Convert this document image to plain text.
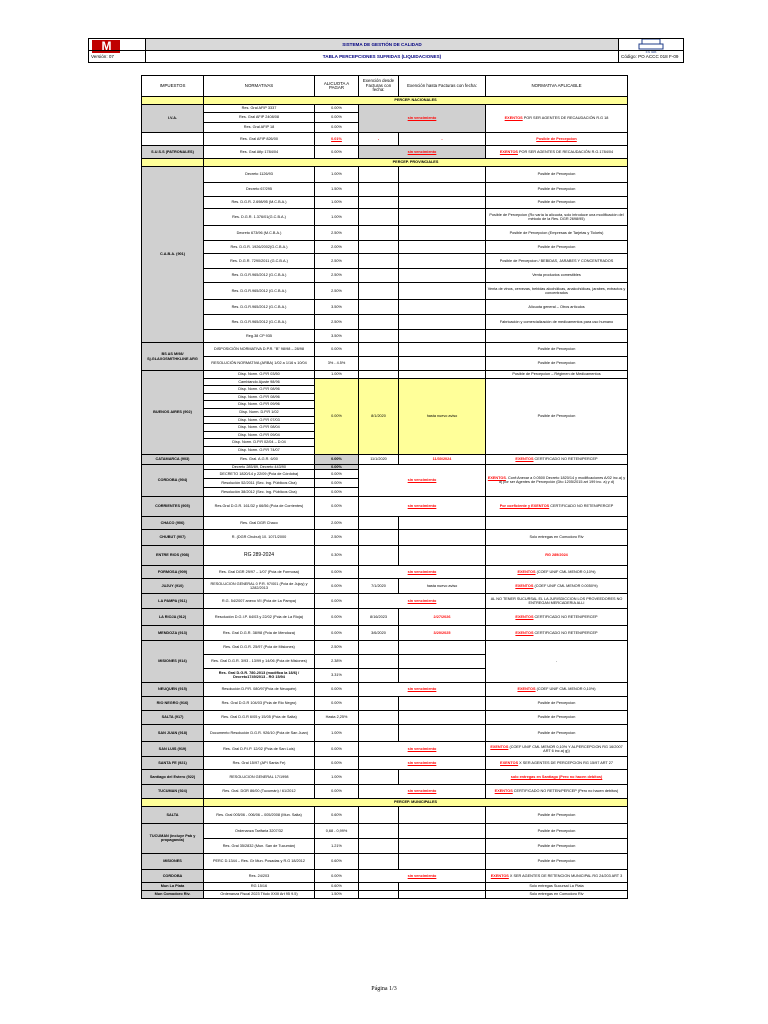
M	ESTAB
	SISTEMA DE GESTIÓN DE CALIDAD	
Versión: 07	TABLA PERCEPCIONES SUFRIDAS (LIQUIDACIONES)	Código: PO ACCC 018 F-09
IMPUESTOS	NORMATIVAS	ALICUOTA A PAGAR	Exención desde Facturas con fecha:	Exención hasta Facturas con fecha:	NORMATIVA APLICABLE
	PERCEP. NACIONALES				
I.V.A.	Res. Gral AFIP 3337	0.00%	sin vencimiento		EXENTOS POR SER AGENTES DE RECAUDACIÓN R.G 18
	Res. Gral AFIP 2408/08	0.00%			
	Res. Gral AFIP 18	0.00%			
	Res. Gral AFIP 826/00	0.01%	-	-	Posible de Percepcion
S.U.S.S (PATRONALES)	Res. Gral Afip 1784/04	0.00%	sin vencimiento		EXENTOS POR SER AGENTES DE RECAUDACIÓN R.G.1784/04
	PERCEP. PROVINCIALES				
C.A.B.A. (901)	Decreto 1126/93	1.00%			Posible de Percepcion
	Decreto 67/295	1.50%			Posible de Percepcion
	Res. D.G.R. 2.698/95 (M.C.B.A.)	1.00%			Posible de Percepcion
	Res. D.G.R. 1.376/01(G.C.B.A.)	1.00%			Posible de Percepcion (Ro varía la alícuota, solo introduce una modificación del método de la Res. DGR 2698/95)
	Decreto 673/96 (M.C.B.A.)	2.50%			Posible de Percepcion (Empresas de Tarjetas y Tickets)
	Res. D.G.R. 1926/2002(G.C.B.A.)	2.00%			Posible de Percepcion
	Res. D.G.R. 7290/2011 (G.C.B.A.)	2.50%			Posible de Percepcion / BEBIDAS, JARABES Y CONCENTRADOS
	Res. D.G.R.965/2012 (G.C.B.A.)	2.50%			Venta productos comestibles
	Res. D.G.R.965/2012 (G.C.B.A.)	2.50%			Venta de vinos, cervezas, bebidas alcohólicas, analcohólicas, jarabes, extractos y concentrados
	Res. D.G.R.965/2012 (G.C.B.A.)	3.50%			Alícuota general – Otros artículos
	Res. D.G.R.965/2012 (G.C.B.A.)	2.50%			Fabricación y comercialización de medicamentos para uso humano
	Reg.38 CP 935	3.50%			
BS AS M/98/ Sj.GLAXOSMITHKLINE ARG	DISPOSICIÓN NORMATIVA D.P.R. "B" 98/98 – 28/98	0.00%			Posible de Percepcion
	RESOLUCIÓN NORMATIVA (ARBA) 1/02 a 1/16 s 10/04	3% - 4.5%			Posible de Percepcion
BUENOS AIRES (902)	Disp. Norm. O.P.R 03/50	1.00%			Posible de Percepcion – Régimen de Medicamentos
	Cambiando Ajuste 98/96	0.00%	8/1/2020	hasta nuevo aviso	Posible de Percepcion
	Disp. Norm. O.P.R 08/96				
	Disp. Norm. O.P.R 08/96				
	Disp. Norm. O.P.R 09/96				
	Disp. Norm. D.P.R 1/02				
	Disp. Norm. O.P.R 07/03				
	Disp. Norm. O.P.R 08/04				
	Disp. Norm. O.P.R 09/04				
	Disp. Norm. D.P.R 02/04 – D.04				
	Disp. Norm. O.P.R 74/07				
CATAMARCA (903)	Res. Gral. A.G.R. 6/00	0.00%	11/1/2020	11/30/2024	EXENTOS CERTIFICADO NO RETENIPERCEP
CORDOBA (904)	Decreto 285/89, Decreto 443/90	0.00%	sin vencimiento		EXENTOS. Conf:Anexar a 0.0500 Decreto 1820/14 y modificaciones A/02 inc.a) y d) por ser Agentes de Percepción (Dto 1205/2015 art 199 inc. a) y d)
	DECRETO 1820/14 y 22/09 (Pcia de Córdoba)	0.00%			
	Resolución 52/2011 (Sec. Ing. Públicos Cba)	0.00%			
	Resolución 38/2012 (Sec. Ing. Públicos Cba)	0.00%			
CORRIENTES (905)	Res.Gral D.G.R. 161/32 y 66/56 (Pcia de Corrientes)	0.00%	sin vencimiento		Por coeficiente y EXENTOS CERTIFICADO NO RETENIPERCEP
CHACO (906)	Res. Gral DGR Chaco	2.00%			
CHUBUT (907)	R. (DGR Chubut) 10. 1071/2000	2.50%			Solo entregas en Comodoro Riv
ENTRE RIOS (908)	RG 289-2024	0.30%			RG 289/2024
FORMOSA (909)	Res. Gral DGR 29/97 – 1/07 (Pcia de Formosa)	0.00%	sin vencimiento		EXENTOS (COEF UNIF CML MENOR 0,10%)
JUJUY (910)	RESOLUCION GENERAL 0 P.R. 97/001 (Pcia de Jujuy) y 1282/2013	0.00%	7/1/2020	hasta nuevo aviso	EXENTOS (COEF UNIF CML MENOR 0.0050%)
LA PAMPA (911)	R.G. 54/2007 anexo VII (Pcia de La Pampa)	0.00%	sin vencimiento		AL NO TENER SUCURSAL EL LA JURISDICCION LOS PROVEEDORES NO ENTREGAN MERCADERIA ALLI
LA RIOJA (912)	Resolución D.G.I.P. 64/03 y 22/02 (Pcia de La Rioja)	0.00%	8/16/2023	2/27/2026	EXENTOS CERTIFICADO NO RETENIPERCEP
MENDOZA (913)	Res. Gral D.G.R. 38/98 (Pcia de Mendoza)	0.00%	3/6/2020	3/20/2025	EXENTOS CERTIFICADO NO RETENIPERCEP
MISIONES (914)	Res. Gral D.G.R. 25/97 (Pcia de Misiones)	2.50%			-
	Res. Gral D.G.R. 3/93 - 13/99 y 14/06 (Pcia de Misiones)	2.38%			
	Res. Gral D.G.R. 780-2013 (modifica la 18/6) / Decreto1749/2013 - RG 15/94	3.31%			
NEUQUEN (915)	Resolución D.P.R. 080/97(Pcia de Neuquén)	0.00%	sin vencimiento		EXENTOS (COEF UNIF CML MENOR 0,10%)
RIO NEGRO (916)	Res. Gral D.G.R 104/03 (Pcia de Rio Negro)	0.00%			Posible de Percepcion
SALTA (917)	Res. Gral D.G.R 6/05 y 15/05 (Pcia de Salta)	Hasta 2,25%			Posible de Percepcion
SAN JUAN (918)	Documento Resolución D.G.R. 926/10 (Pcia de San Juan)	1.00%			Posible de Percepcion
SAN LUIS (919)	Res. Gral D.P.I.P. 12/02 (Pcia de San Luis)	0.00%	sin vencimiento		EXENTOS (COEF UNIF CML MENOR 0,10% Y ALPERCEPCION RG 16/2007 ART 6 inc.a) g))
SANTA FE (921)	Res. Gral 15/97 (API Santa Fe)	0.00%	sin vencimiento		EXENTOS X SER AGENTES DE PERCEPCION RG 15/97 ART 27
Santiago del Estero (922)	RESOLUCION GENERAL 17/1998	1.00%			solo entregas en Santiago (Pero no hacen debitos)
TUCUMAN (924)	Res. Gral. DGR 86/00 (Tucumán) / 61/2012	0.00%	sin vencimiento		EXENTOS CERTIFICADO NO RETEN/PERCEP (Pero no hacen debitos)
	PERCEP. MUNICIPALES				
SALTA	Res. Gral 005/06 - 006/06 – 005/2008 (Mun. Salta)	0.60%			Posible de Percepcion
TUCUMAN (incluye Pab y propaganda)	Ordenanza Tarifaria 3207/32	0,68 - 0,99%			Posible de Percepcion
	Res. Gral 35/2832 (Mun. San de Tucumán)	1.21%			Posible de Percepcion
MISIONES	PERC D.1344 – Res. Gr Mun. Posadas y R.G 18/2012	0.60%			Posible de Percepcion
CORDOBA	Res. 24/203	0.00%	sin vencimiento		EXENTOS X SER AGENTES DE RETENCION MUNICIPAL RG 24/203 ART 3
Mun La Plata	RG 15/16	0.60%			Solo entregas Sucursal La Plata
Mun Comodoro Riv.	Ordenanza Fiscal 2023 Titulo XXIII Art 95 9.5)	1.50%			Solo entregas en Comodoro Riv
Página 1/3
